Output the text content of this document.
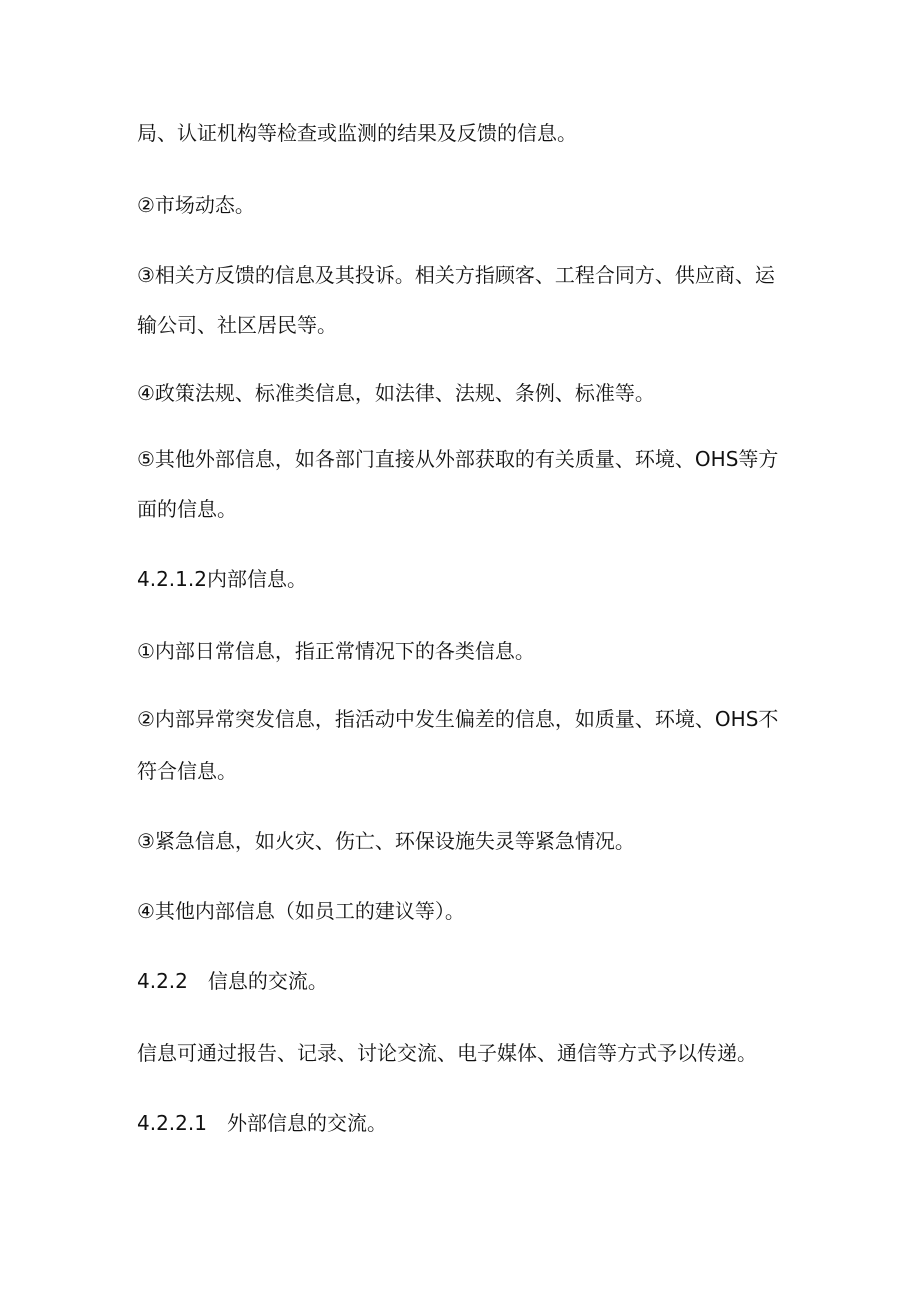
局、认证机构等检查或监测的结果及反馈的信息。
②市场动态。
③相关方反馈的信息及其投诉。相关方指顾客、工程合同方、供应商、运
输公司、社区居民等。
④政策法规、标准类信息，如法律、法规、条例、标准等。
⑤其他外部信息，如各部门直接从外部获取的有关质量、环境、OHS等方
面的信息。
4.2.1.2内部信息。
①内部日常信息，指正常情况下的各类信息。
②内部异常突发信息，指活动中发生偏差的信息，如质量、环境、OHS不
符合信息。
③紧急信息，如火灾、伤亡、环保设施失灵等紧急情况。
④其他内部信息（如员工的建议等）。
4.2.2　信息的交流。
信息可通过报告、记录、讨论交流、电子媒体、通信等方式予以传递。
4.2.2.1　外部信息的交流。
